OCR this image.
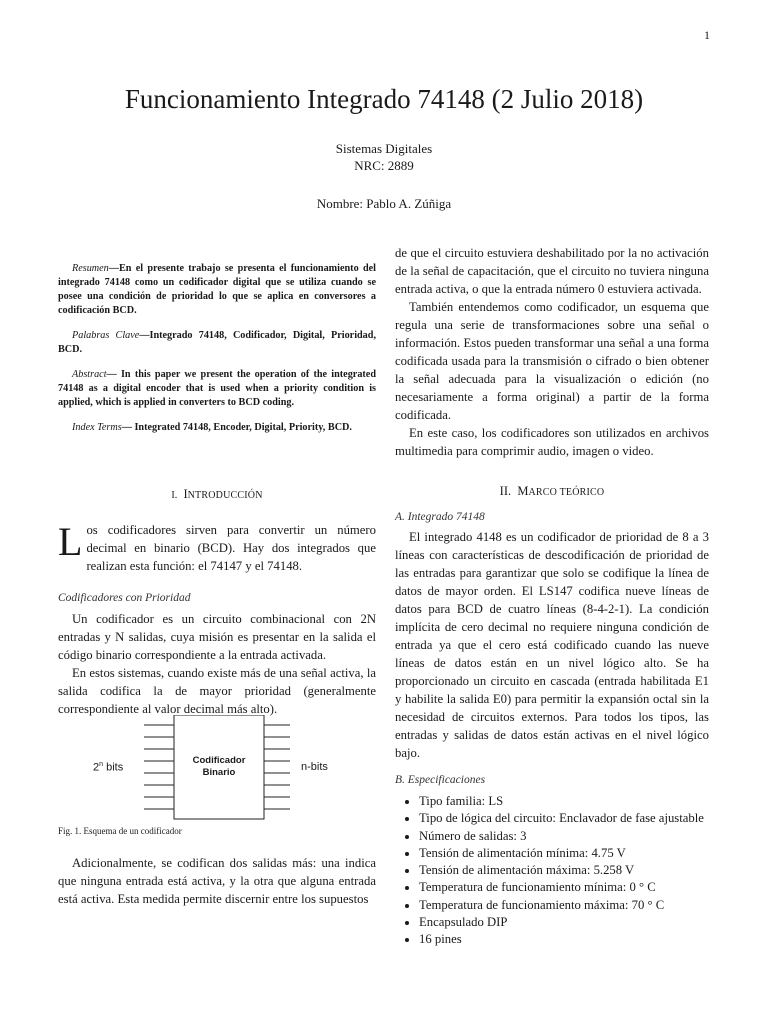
1
Funcionamiento Integrado 74148 (2 Julio 2018)
Sistemas Digitales
NRC: 2889
Nombre: Pablo A. Zúñiga

Resumen—En el presente trabajo se presenta el funcionamiento del integrado 74148 como un codificador digital que se utiliza cuando se posee una condición de prioridad lo que se aplica en conversores a codificación BCD.

Palabras Clave—Integrado 74148, Codificador, Digital, Prioridad, BCD.

Abstract— In this paper we present the operation of the integrated 74148 as a digital encoder that is used when a priority condition is applied, which is applied in converters to BCD coding.

Index Terms— Integrated 74148, Encoder, Digital, Priority, BCD.

I. INTRODUCCIÓN

Los codificadores sirven para convertir un número decimal en binario (BCD). Hay dos integrados que realizan esta función: el 74147 y el 74148.

Codificadores con Prioridad

Un codificador es un circuito combinacional con 2N entradas y N salidas, cuya misión es presentar en la salida el código binario correspondiente a la entrada activada.

En estos sistemas, cuando existe más de una señal activa, la salida codifica la de mayor prioridad (generalmente correspondiente al valor decimal más alto).

Codificador
Binario
2$^n$ bits	n-bits
Fig. 1. Esquema de un codificador

Adicionalmente, se codifican dos salidas más: una indica que ninguna entrada está activa, y la otra que alguna entrada está activa. Esta medida permite discernir entre los supuestos

de que el circuito estuviera deshabilitado por la no activación de la señal de capacitación, que el circuito no tuviera ninguna entrada activa, o que la entrada número 0 estuviera activada.

También entendemos como codificador, un esquema que regula una serie de transformaciones sobre una señal o información. Estos pueden transformar una señal a una forma codificada usada para la transmisión o cifrado o bien obtener la señal adecuada para la visualización o edición (no necesariamente a forma original) a partir de la forma codificada.

En este caso, los codificadores son utilizados en archivos multimedia para comprimir audio, imagen o video.

II. MARCO TEÓRICO
A. Integrado 74148

El integrado 4148 es un codificador de prioridad de 8 a 3 líneas con características de descodificación de prioridad de las entradas para garantizar que solo se codifique la línea de datos de mayor orden. El LS147 codifica nueve líneas de datos para BCD de cuatro líneas (8-4-2-1). La condición implícita de cero decimal no requiere ninguna condición de entrada ya que el cero está codificado cuando las nueve líneas de datos están en un nivel lógico alto. Se ha proporcionado un circuito en cascada (entrada habilitada E1 y habilite la salida E0) para permitir la expansión octal sin la necesidad de circuitos externos. Para todos los tipos, las entradas y salidas de datos están activas en el nivel lógico bajo.

B. Especificaciones
• Tipo familia: LS
• Tipo de lógica del circuito: Enclavador de fase ajustable
• Número de salidas: 3
• Tensión de alimentación mínima: 4.75 V
• Tensión de alimentación máxima: 5.258 V
• Temperatura de funcionamiento mínima: 0 ° C
• Temperatura de funcionamiento máxima: 70 ° C
• Encapsulado DIP
• 16 pines
